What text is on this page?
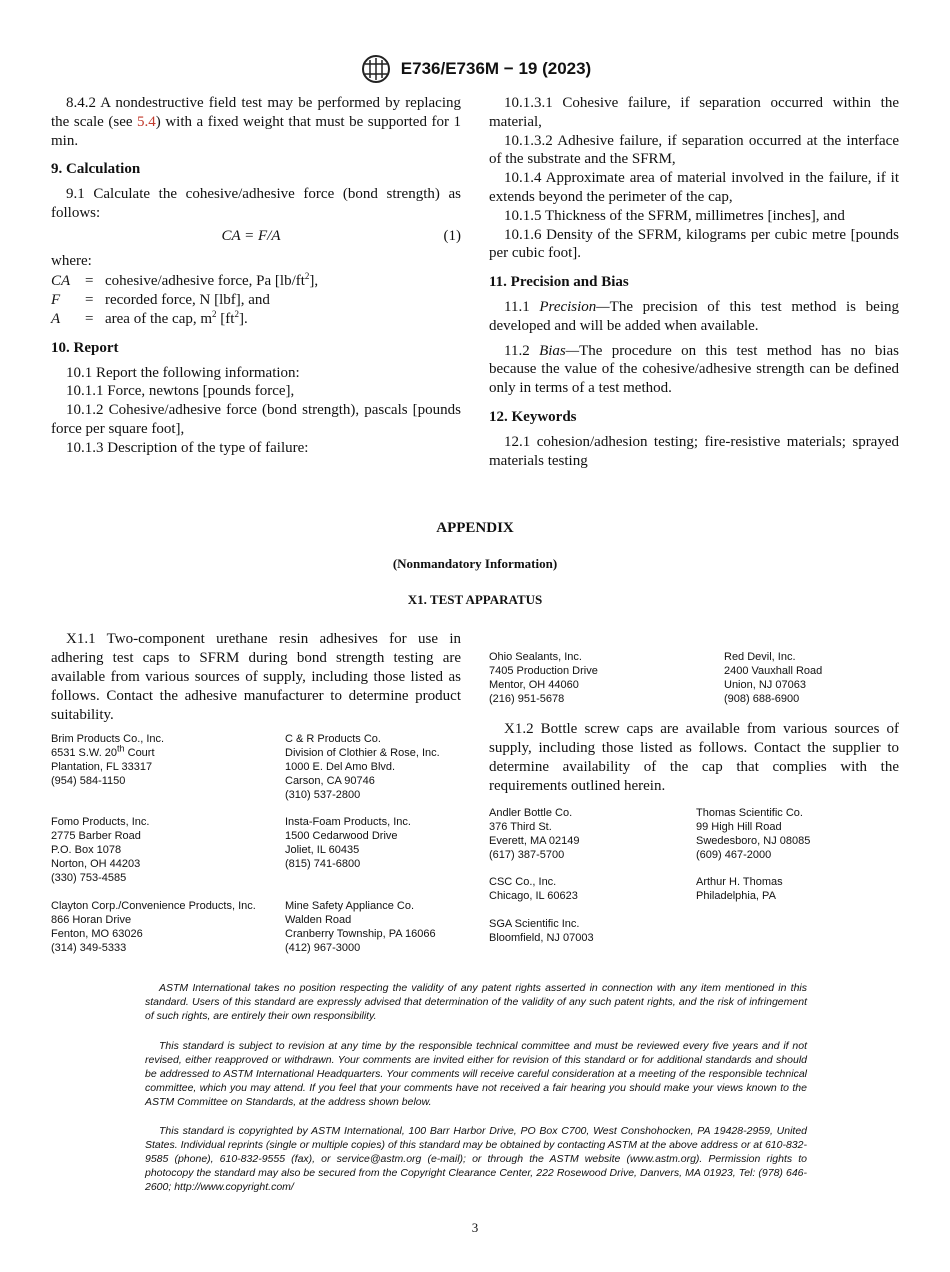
E736/E736M − 19 (2023)

8.4.2 A nondestructive field test may be performed by replacing the scale (see 5.4) with a fixed weight that must be supported for 1 min.

9. Calculation

9.1 Calculate the cohesive/adhesive force (bond strength) as follows:

CA = F/A	(1)

where:

CA = cohesive/adhesive force, Pa $[lb/ft^2]$,
F	= recorded force, N [lbf], and
A	= area of the cap, $m^2$ $[ft^2]$.

10. Report

10.1 Report the following information:

10.1.1 Force, newtons [pounds force],

10.1.2 Cohesive/adhesive force (bond strength), pascals [pounds force per square foot],

10.1.3 Description of the type of failure:

10.1.3.1 Cohesive failure, if separation occurred within the material,

10.1.3.2 Adhesive failure, if separation occurred at the interface of the substrate and the SFRM,

10.1.4 Approximate area of material involved in the failure, if it extends beyond the perimeter of the cap,

10.1.5 Thickness of the SFRM, millimetres [inches], and

10.1.6 Density of the SFRM, kilograms per cubic metre [pounds per cubic foot].

11. Precision and Bias

11.1 Precision—The precision of this test method is being developed and will be added when available.

11.2 Bias—The procedure on this test method has no bias because the value of the cohesive/adhesive strength can be defined only in terms of a test method.

12. Keywords

12.1 cohesion/adhesion testing; fire-resistive materials; sprayed materials testing

APPENDIX
(Nonmandatory Information)
X1. TEST APPARATUS

X1.1 Two-component urethane resin adhesives for use in adhering test caps to SFRM during bond strength testing are available from various sources of supply, including those listed as follows. Contact the adhesive manufacturer to determine product suitability.

Brim Products Co., Inc.
6531 S.W. 20th Court
Plantation, FL 33317
(954) 584-1150
C & R Products Co.
Division of Clothier & Rose, Inc.
1000 E. Del Amo Blvd.
Carson, CA 90746
(310) 537-2800
Fomo Products, Inc.
2775 Barber Road
P.O. Box 1078
Norton, OH 44203
(330) 753-4585
Insta-Foam Products, Inc.
1500 Cedarwood Drive
Joliet, IL 60435
(815) 741-6800
Clayton Corp./Convenience Products, Inc.
866 Horan Drive
Fenton, MO 63026
(314) 349-5333
Mine Safety Appliance Co.
Walden Road
Cranberry Township, PA 16066
(412) 967-3000
Ohio Sealants, Inc.
7405 Production Drive
Mentor, OH 44060
(216) 951-5678
Red Devil, Inc.
2400 Vauxhall Road
Union, NJ 07063
(908) 688-6900
Andler Bottle Co.
376 Third St.
Everett, MA 02149
(617) 387-5700
Thomas Scientific Co.
99 High Hill Road
Swedesboro, NJ 08085
(609) 467-2000
CSC Co., Inc.
Chicago, IL 60623
Arthur H. Thomas
Philadelphia, PA
SGA Scientific Inc.
Bloomfield, NJ 07003

X1.2 Bottle screw caps are available from various sources of supply, including those listed as follows. Contact the supplier to determine availability of the cap that complies with the requirements outlined herein.

ASTM International takes no position respecting the validity of any patent rights asserted in connection with any item mentioned in this standard. Users of this standard are expressly advised that determination of the validity of any such patent rights, and the risk of infringement of such rights, are entirely their own responsibility.

This standard is subject to revision at any time by the responsible technical committee and must be reviewed every five years and if not revised, either reapproved or withdrawn. Your comments are invited either for revision of this standard or for additional standards and should be addressed to ASTM International Headquarters. Your comments will receive careful consideration at a meeting of the responsible technical committee, which you may attend. If you feel that your comments have not received a fair hearing you should make your views known to the ASTM Committee on Standards, at the address shown below.

This standard is copyrighted by ASTM International, 100 Barr Harbor Drive, PO Box C700, West Conshohocken, PA 19428-2959, United States. Individual reprints (single or multiple copies) of this standard may be obtained by contacting ASTM at the above address or at 610-832-9585 (phone), 610-832-9555 (fax), or service@astm.org (e-mail); or through the ASTM website (www.astm.org). Permission rights to photocopy the standard may also be secured from the Copyright Clearance Center, 222 Rosewood Drive, Danvers, MA 01923, Tel: (978) 646-2600; http://www.copyright.com/

3
